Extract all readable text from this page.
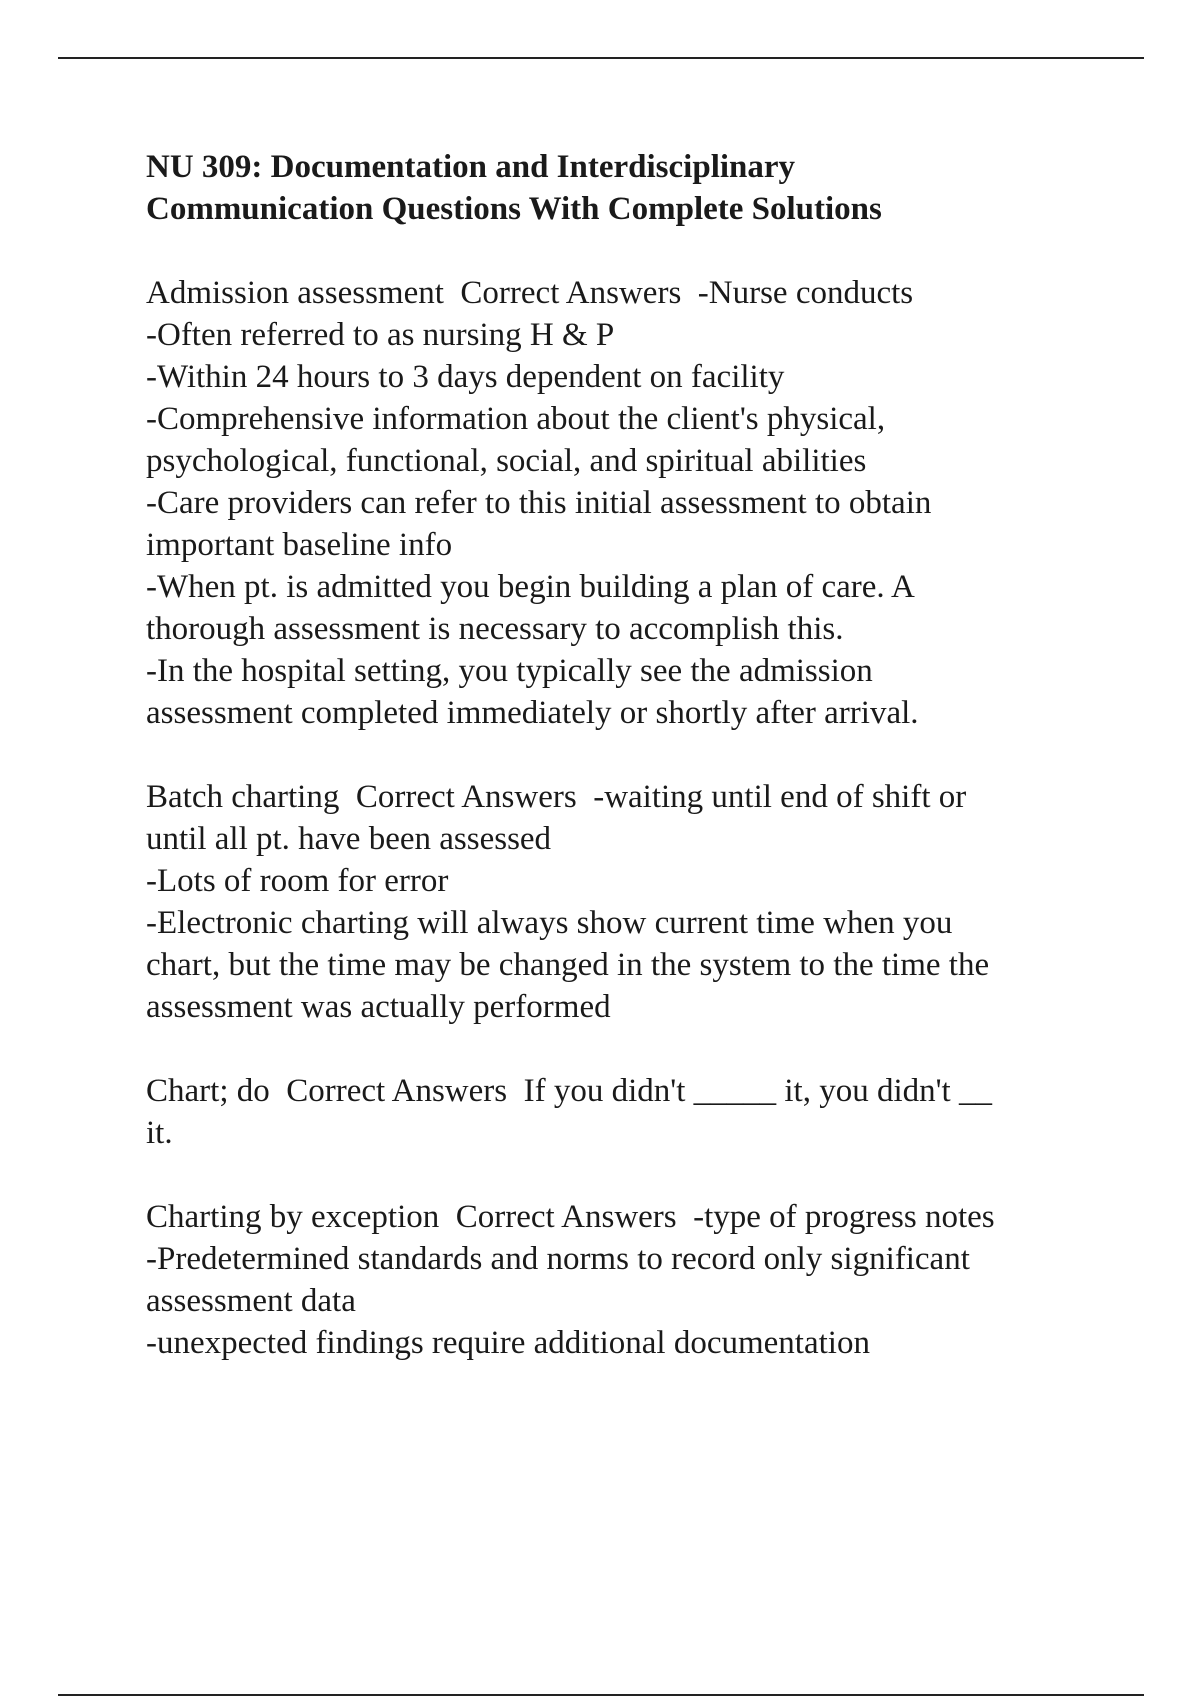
NU 309: Documentation and Interdisciplinary
Communication Questions With Complete Solutions
Admission assessment  Correct Answers  -Nurse conducts
-Often referred to as nursing H & P
-Within 24 hours to 3 days dependent on facility
-Comprehensive information about the client's physical,
psychological, functional, social, and spiritual abilities
-Care providers can refer to this initial assessment to obtain
important baseline info
-When pt. is admitted you begin building a plan of care. A
thorough assessment is necessary to accomplish this.
-In the hospital setting, you typically see the admission
assessment completed immediately or shortly after arrival.
Batch charting  Correct Answers  -waiting until end of shift or
until all pt. have been assessed
-Lots of room for error
-Electronic charting will always show current time when you
chart, but the time may be changed in the system to the time the
assessment was actually performed
Chart; do  Correct Answers  If you didn't _____ it, you didn't __
it.
Charting by exception  Correct Answers  -type of progress notes
-Predetermined standards and norms to record only significant
assessment data
-unexpected findings require additional documentation
